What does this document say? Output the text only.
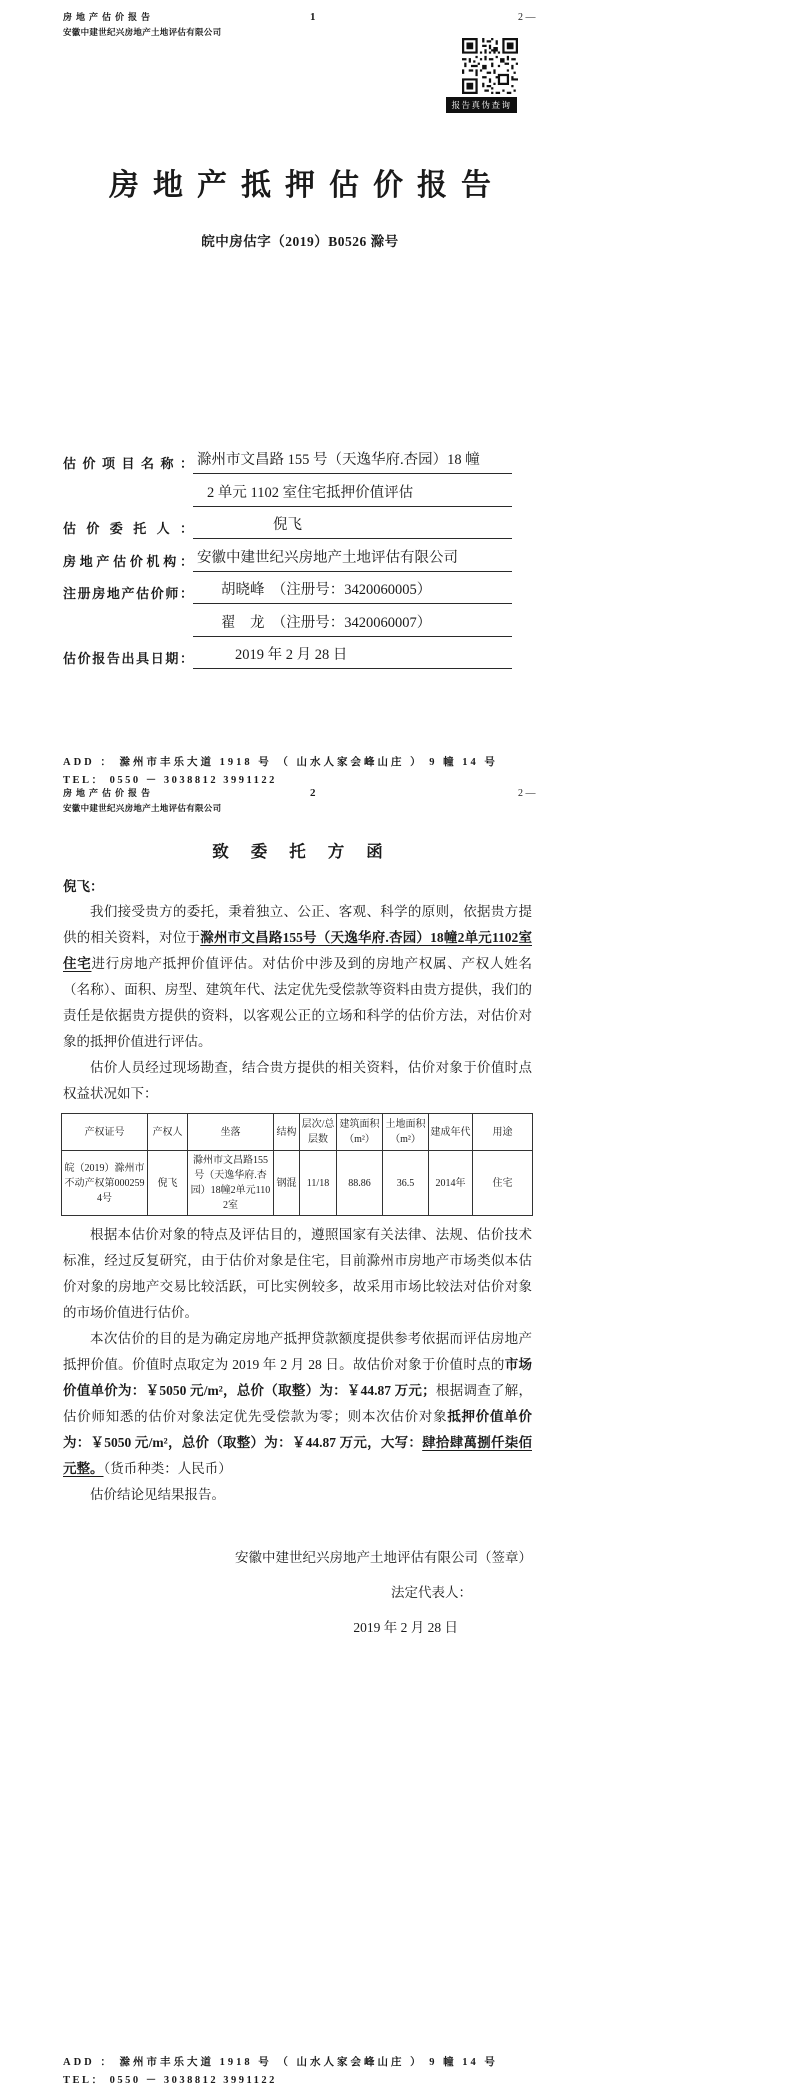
房地产估价报告
安徽中建世纪兴房地产土地评估有限公司
1	2 —
报告真伪查询
房地产抵押估价报告
皖中房估字（2019）B0526 滁号
估价项目名称： 滁州市文昌路 155 号（天逸华府.杏园）18 幢
2 单元 1102 室住宅抵押价值评估
估价委托人：	倪飞
房地产估价机构： 安徽中建世纪兴房地产土地评估有限公司
注册房地产估价师：	胡晓峰　（注册号：3420060005）
翟　龙　（注册号：3420060007）
估价报告出具日期：	2019 年 2 月 28 日
ADD ： 滁州市丰乐大道 1918 号 （ 山水人家会峰山庄 ） 9 幢 14 号
TEL： 0550 － 3038812 3991122
房地产估价报告
安徽中建世纪兴房地产土地评估有限公司
2	2 —
致委托方函
倪飞：

我们接受贵方的委托，秉着独立、公正、客观、科学的原则，依据贵方提供的相关资料，对位于滁州市文昌路155号（天逸华府.杏园）18幢2单元1102室住宅进行房地产抵押价值评估。对估价中涉及到的房地产权属、产权人姓名（名称）、面积、房型、建筑年代、法定优先受偿款等资料由贵方提供，我们的责任是依据贵方提供的资料，以客观公正的立场和科学的估价方法，对估价对象的抵押价值进行评估。

估价人员经过现场勘查，结合贵方提供的相关资料，估价对象于价值时点权益状况如下：

产权证号	产权人	坐落	结构	层次/总层数	建筑面积（m²）	土地面积（m²）	建成年代	用途
皖（2019）滁州市不动产权第0002594号	倪飞	滁州市文昌路155号（天逸华府.杏园）18幢2单元1102室	钢混	11/18	88.86	36.5	2014年	住宅

根据本估价对象的特点及评估目的，遵照国家有关法律、法规、估价技术标准，经过反复研究，由于估价对象是住宅，目前滁州市房地产市场类似本估价对象的房地产交易比较活跃，可比实例较多，故采用市场比较法对估价对象的市场价值进行估价。

本次估价的目的是为确定房地产抵押贷款额度提供参考依据而评估房地产抵押价值。价值时点取定为 2019 年 2 月 28 日。故估价对象于价值时点的市场价值单价为：￥5050 元/m²，总价（取整）为：￥44.87 万元；根据调查了解，估价师知悉的估价对象法定优先受偿款为零；则本次估价对象抵押价值单价为：￥5050 元/m²，总价（取整）为：￥44.87 万元，大写：肆拾肆萬捌仟柒佰元整。（货币种类：人民币）

估价结论见结果报告。

安徽中建世纪兴房地产土地评估有限公司（签章）
法定代表人：
2019 年 2 月 28 日
ADD ： 滁州市丰乐大道 1918 号 （ 山水人家会峰山庄 ） 9 幢 14 号
TEL： 0550 － 3038812 3991122
